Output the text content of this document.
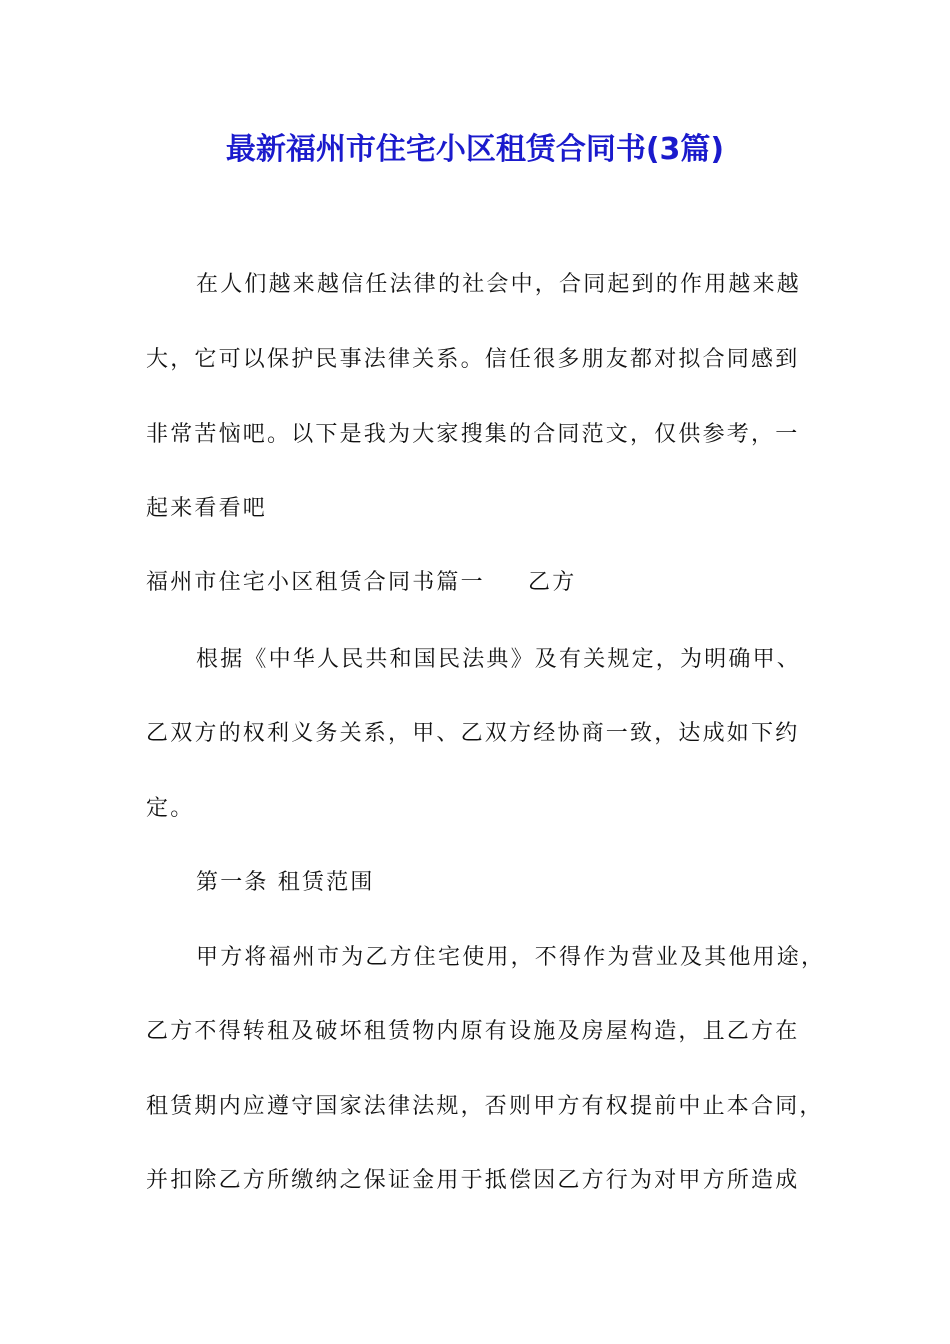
最新福州市住宅小区租赁合同书(3篇)
在人们越来越信任法律的社会中，合同起到的作用越来越
大，它可以保护民事法律关系。信任很多朋友都对拟合同感到
非常苦恼吧。以下是我为大家搜集的合同范文，仅供参考，一
起来看看吧
福州市住宅小区租赁合同书篇一 乙方
根据《中华人民共和国民法典》及有关规定，为明确甲、
乙双方的权利义务关系，甲、乙双方经协商一致，达成如下约
定。
第一条 租赁范围
甲方将福州市为乙方住宅使用，不得作为营业及其他用途，
乙方不得转租及破坏租赁物内原有设施及房屋构造，且乙方在
租赁期内应遵守国家法律法规，否则甲方有权提前中止本合同，
并扣除乙方所缴纳之保证金用于抵偿因乙方行为对甲方所造成
